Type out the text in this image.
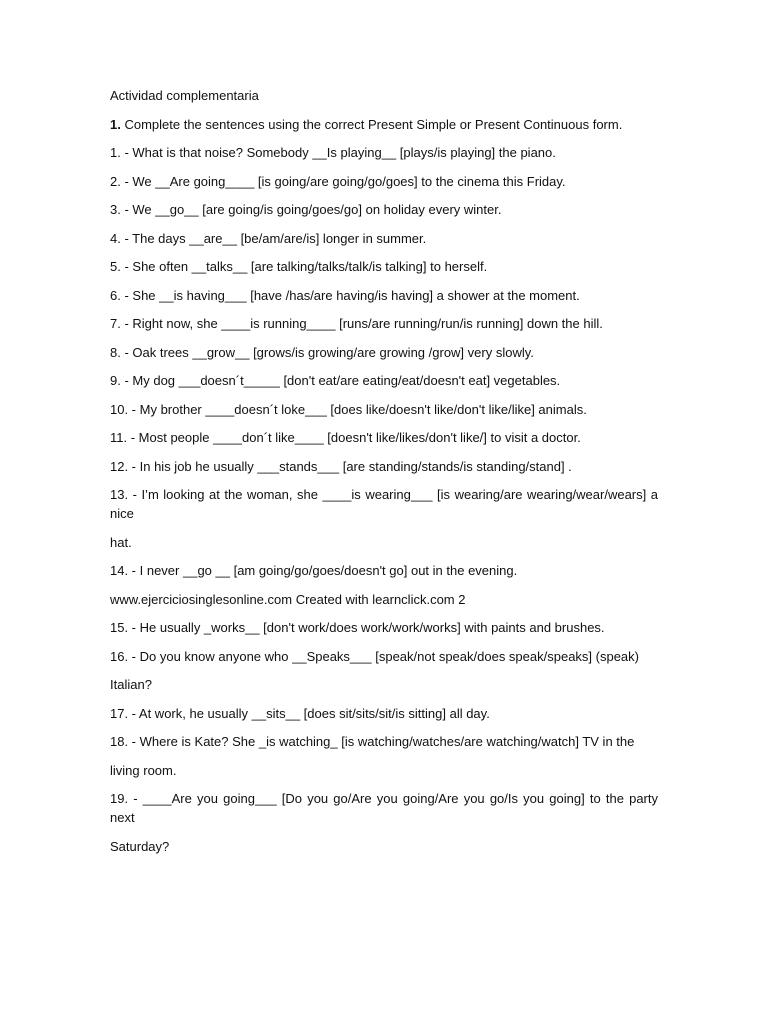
Actividad complementaria

1. Complete the sentences using the correct Present Simple or Present Continuous form.

1. - What is that noise? Somebody __Is playing__ [plays/is playing] the piano.

2. - We __Are going____ [is going/are going/go/goes] to the cinema this Friday.

3. - We __go__ [are going/is going/goes/go] on holiday every winter.

4. - The days __are__ [be/am/are/is] longer in summer.

5. - She often __talks__ [are talking/talks/talk/is talking] to herself.

6. - She __is having___ [have /has/are having/is having] a shower at the moment.

7. - Right now, she ____is running____ [runs/are running/run/is running] down the hill.

8. - Oak trees __grow__ [grows/is growing/are growing /grow] very slowly.

9. - My dog ___doesn´t_____ [don't eat/are eating/eat/doesn't eat] vegetables.

10. - My brother ____doesn´t loke___ [does like/doesn't like/don't like/like] animals.

11. - Most people ____don´t like____ [doesn't like/likes/don't like/] to visit a doctor.

12. - In his job he usually ___stands___ [are standing/stands/is standing/stand] .

13. - I’m looking at the woman, she ____is wearing___ [is wearing/are wearing/wear/wears] a nice

hat.

14. - I never __go __ [am going/go/goes/doesn't go] out in the evening.

www.ejerciciosinglesonline.com Created with learnclick.com 2

15. - He usually _works__ [don't work/does work/work/works] with paints and brushes.

16. - Do you know anyone who __Speaks___ [speak/not speak/does speak/speaks] (speak)

Italian?

17. - At work, he usually __sits__ [does sit/sits/sit/is sitting] all day.

18. - Where is Kate? She _is watching_ [is watching/watches/are watching/watch] TV in the

living room.

19. - ____Are you going___ [Do you go/Are you going/Are you go/Is you going] to the party next

Saturday?
